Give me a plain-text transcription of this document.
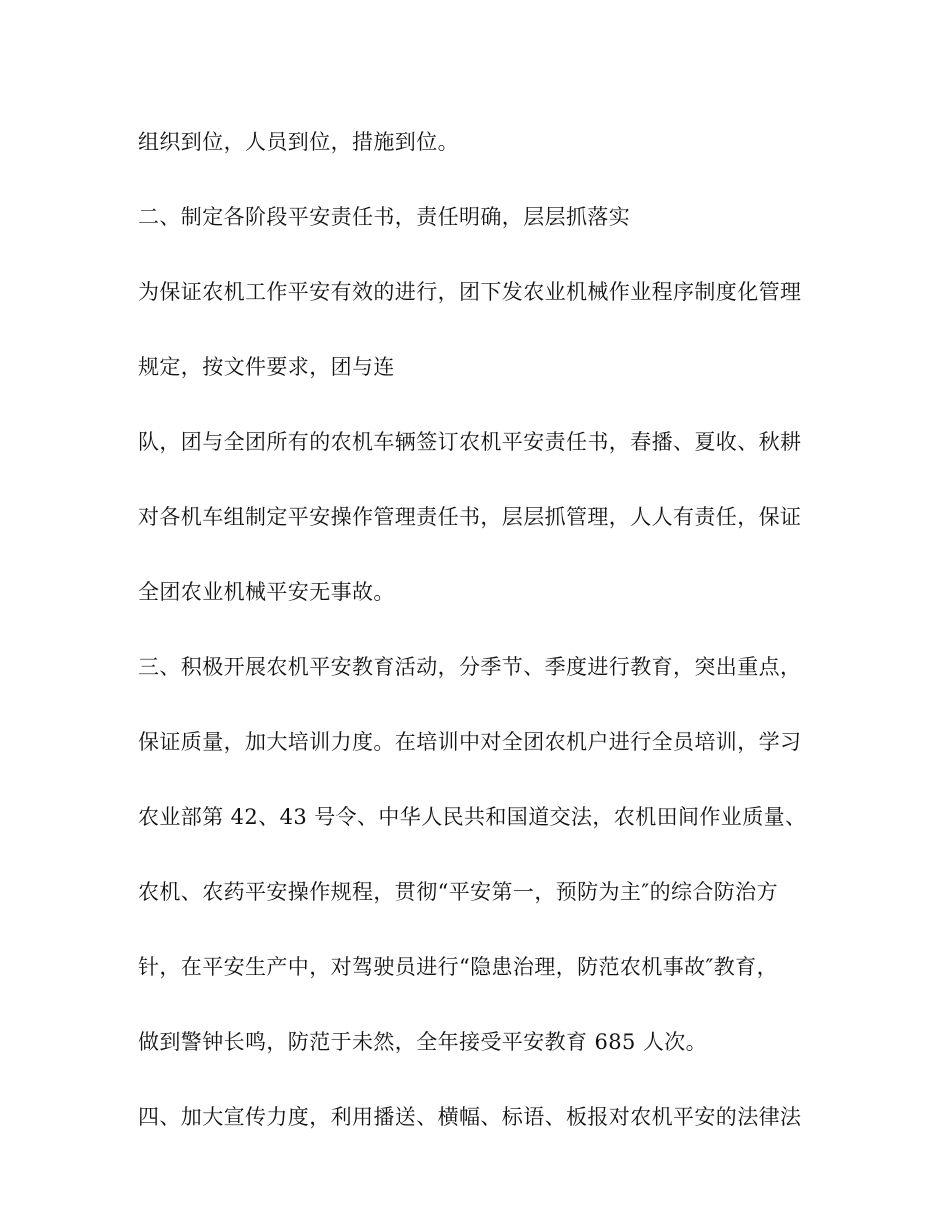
组织到位，人员到位，措施到位。
二、制定各阶段平安责任书，责任明确，层层抓落实
为保证农机工作平安有效的进行，团下发农业机械作业程序制度化管理
规定，按文件要求，团与连
队，团与全团所有的农机车辆签订农机平安责任书，春播、夏收、秋耕
对各机车组制定平安操作管理责任书，层层抓管理，人人有责任，保证
全团农业机械平安无事故。
三、积极开展农机平安教育活动，分季节、季度进行教育，突出重点，
保证质量，加大培训力度。在培训中对全团农机户进行全员培训，学习
农业部第 42、43 号令、中华人民共和国道交法，农机田间作业质量、
农机、农药平安操作规程，贯彻“平安第一，预防为主″的综合防治方
针，在平安生产中，对驾驶员进行“隐患治理，防范农机事故″教育，
做到警钟长鸣，防范于未然，全年接受平安教育 685 人次。
四、加大宣传力度，利用播送、横幅、标语、板报对农机平安的法律法
